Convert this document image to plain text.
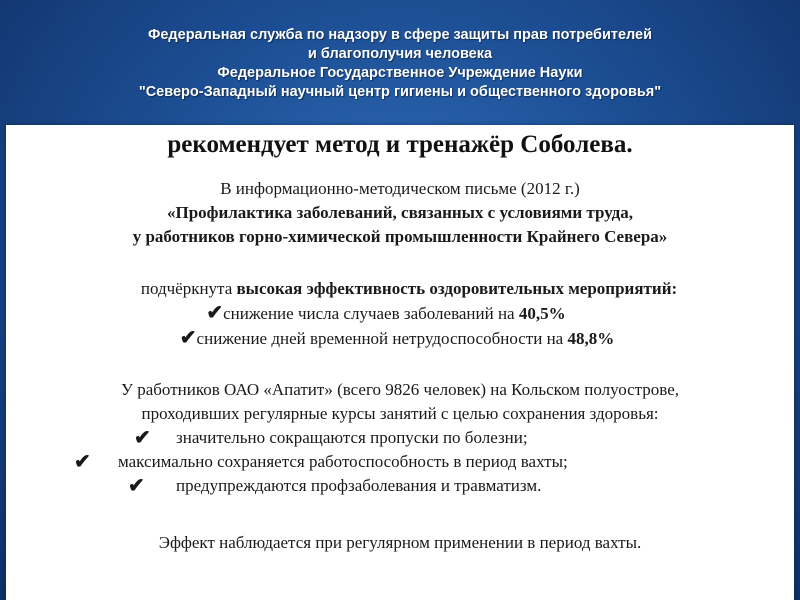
Федеральная служба по надзору в сфере защиты прав потребителей
и благополучия человека
Федеральное Государственное Учреждение Науки
"Северо-Западный научный центр гигиены и общественного здоровья"
рекомендует метод и тренажёр Соболева.
В информационно-методическом письме (2012 г.)
«Профилактика заболеваний, связанных с условиями труда,
у работников горно-химической промышленности Крайнего Севера»
подчёркнута высокая эффективность оздоровительных мероприятий:
✔снижение числа случаев заболеваний на 40,5%
✔снижение дней временной нетрудоспособности на 48,8%
У работников ОАО «Апатит» (всего 9826 человек) на Кольском полуострове,
проходивших регулярные курсы занятий с целью сохранения здоровья:
✔ значительно сокращаются пропуски по болезни;
✔ максимально сохраняется работоспособность в период вахты;
✔ предупреждаются профзаболевания и травматизм.
Эффект наблюдается при регулярном применении в период вахты.
